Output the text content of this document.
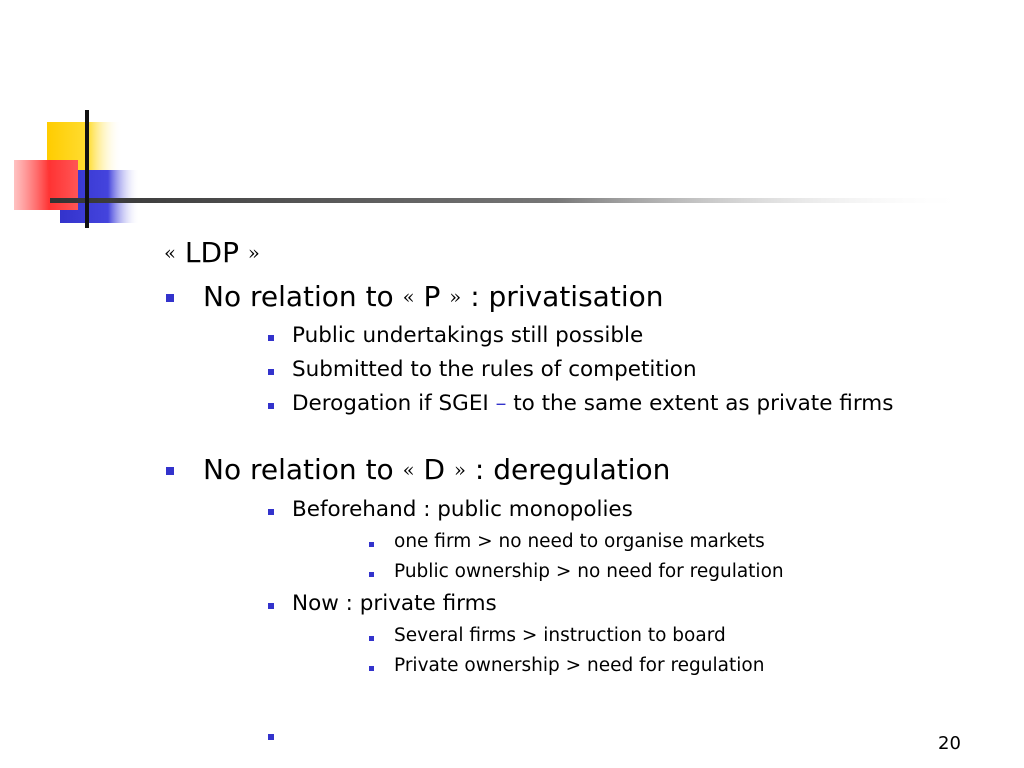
« LDP »
No relation to « P » : privatisation
Public undertakings still possible
Submitted to the rules of competition
Derogation if SGEI – to the same extent as private firms
No relation to « D » : deregulation
Beforehand : public monopolies
one firm > no need to organise markets
Public ownership > no need for regulation
Now : private firms
Several firms > instruction to board
Private ownership > need for regulation
20
